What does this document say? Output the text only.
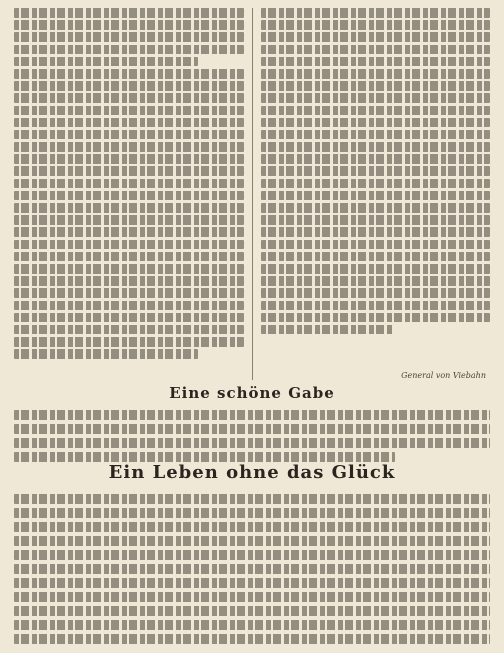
General von Viebahn
Eine schöne Gabe
Ein Leben ohne das Glück
